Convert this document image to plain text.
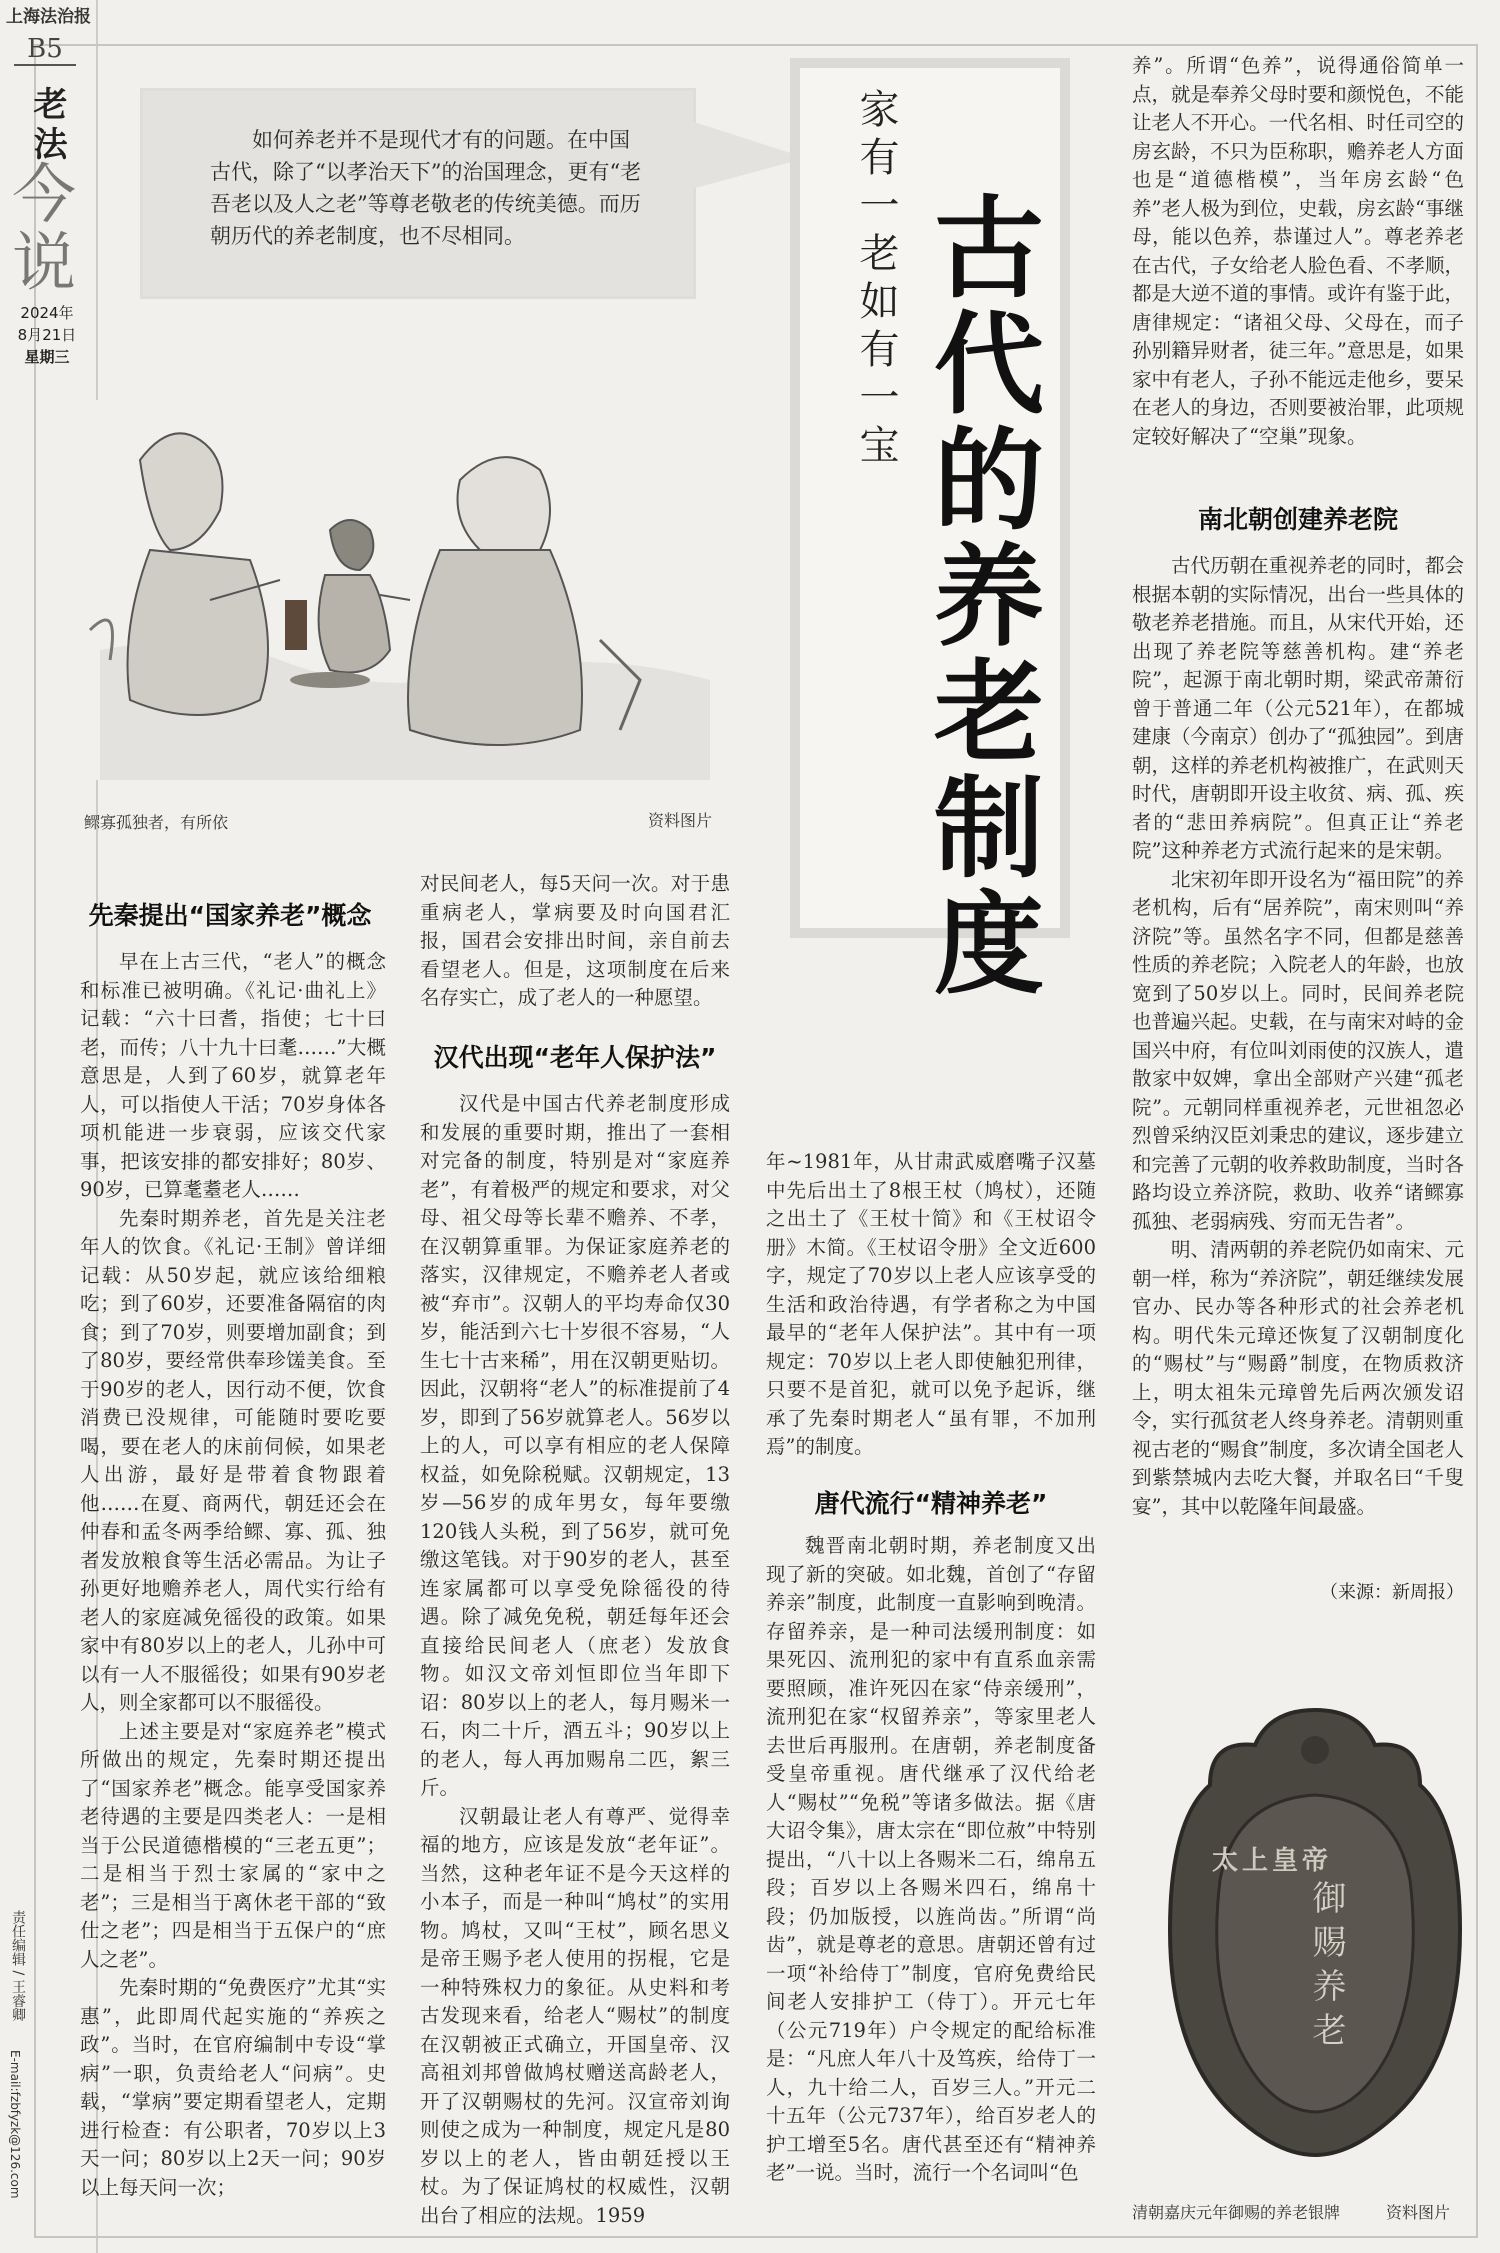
上海法治报
B5
老法
今说
2024年
8月21日
星期三
责任编辑 / 王睿卿
E-mail:fzbfyzk@126.com
如何养老并不是现代才有的问题。在中国古代，除了“以孝治天下”的治国理念，更有“老吾老以及人之老”等尊老敬老的传统美德。而历朝历代的养老制度，也不尽相同。	家有一老如有一宝 古代的养老制度
鳏寡孤独者，有所依	资料图片
先秦提出“国家养老”概念

早在上古三代，“老人”的概念和标准已被明确。《礼记·曲礼上》记载：“六十曰耆，指使；七十曰老，而传；八十九十曰耄……”大概意思是，人到了60岁，就算老年人，可以指使人干活；70岁身体各项机能进一步衰弱，应该交代家事，把该安排的都安排好；80岁、90岁，已算耄耋老人……

先秦时期养老，首先是关注老年人的饮食。《礼记·王制》曾详细记载：从50岁起，就应该给细粮吃；到了60岁，还要准备隔宿的肉食；到了70岁，则要增加副食；到了80岁，要经常供奉珍馐美食。至于90岁的老人，因行动不便，饮食消费已没规律，可能随时要吃要喝，要在老人的床前伺候，如果老人出游，最好是带着食物跟着他……在夏、商两代，朝廷还会在仲春和孟冬两季给鳏、寡、孤、独者发放粮食等生活必需品。为让子孙更好地赡养老人，周代实行给有老人的家庭减免徭役的政策。如果家中有80岁以上的老人，儿孙中可以有一人不服徭役；如果有90岁老人，则全家都可以不服徭役。

上述主要是对“家庭养老”模式所做出的规定，先秦时期还提出了“国家养老”概念。能享受国家养老待遇的主要是四类老人：一是相当于公民道德楷模的“三老五更”；二是相当于烈士家属的“家中之老”；三是相当于离休老干部的“致仕之老”；四是相当于五保户的“庶人之老”。

先秦时期的“免费医疗”尤其“实惠”，此即周代起实施的“养疾之政”。当时，在官府编制中专设“掌病”一职，负责给老人“问病”。史载，“掌病”要定期看望老人，定期进行检查：有公职者，70岁以上3天一问；80岁以上2天一问；90岁以上每天问一次；

对民间老人，每5天问一次。对于患重病老人，掌病要及时向国君汇报，国君会安排出时间，亲自前去看望老人。但是，这项制度在后来名存实亡，成了老人的一种愿望。

汉代出现“老年人保护法”

汉代是中国古代养老制度形成和发展的重要时期，推出了一套相对完备的制度，特别是对“家庭养老”，有着极严的规定和要求，对父母、祖父母等长辈不赡养、不孝，在汉朝算重罪。为保证家庭养老的落实，汉律规定，不赡养老人者或被“弃市”。汉朝人的平均寿命仅30岁，能活到六七十岁很不容易，“人生七十古来稀”，用在汉朝更贴切。因此，汉朝将“老人”的标准提前了4岁，即到了56岁就算老人。56岁以上的人，可以享有相应的老人保障权益，如免除税赋。汉朝规定，13岁—56岁的成年男女，每年要缴120钱人头税，到了56岁，就可免缴这笔钱。对于90岁的老人，甚至连家属都可以享受免除徭役的待遇。除了减免免税，朝廷每年还会直接给民间老人（庶老）发放食物。如汉文帝刘恒即位当年即下诏：80岁以上的老人，每月赐米一石，肉二十斤，酒五斗；90岁以上的老人，每人再加赐帛二匹，絮三斤。

汉朝最让老人有尊严、觉得幸福的地方，应该是发放“老年证”。当然，这种老年证不是今天这样的小本子，而是一种叫“鸠杖”的实用物。鸠杖，又叫“王杖”，顾名思义是帝王赐予老人使用的拐棍，它是一种特殊权力的象征。从史料和考古发现来看，给老人“赐杖”的制度在汉朝被正式确立，开国皇帝、汉高祖刘邦曾做鸠杖赠送高龄老人，开了汉朝赐杖的先河。汉宣帝刘询则使之成为一种制度，规定凡是80岁以上的老人，皆由朝廷授以王杖。为了保证鸠杖的权威性，汉朝出台了相应的法规。1959

年~1981年，从甘肃武威磨嘴子汉墓中先后出土了8根王杖（鸠杖），还随之出土了《王杖十简》和《王杖诏令册》木简。《王杖诏令册》全文近600字，规定了70岁以上老人应该享受的生活和政治待遇，有学者称之为中国最早的“老年人保护法”。其中有一项规定：70岁以上老人即使触犯刑律，只要不是首犯，就可以免予起诉，继承了先秦时期老人“虽有罪，不加刑焉”的制度。

唐代流行“精神养老”

魏晋南北朝时期，养老制度又出现了新的突破。如北魏，首创了“存留养亲”制度，此制度一直影响到晚清。存留养亲，是一种司法缓刑制度：如果死囚、流刑犯的家中有直系血亲需要照顾，准许死囚在家“侍亲缓刑”，流刑犯在家“权留养亲”，等家里老人去世后再服刑。在唐朝，养老制度备受皇帝重视。唐代继承了汉代给老人“赐杖”“免税”等诸多做法。据《唐大诏令集》，唐太宗在“即位赦”中特别提出，“八十以上各赐米二石，绵帛五段；百岁以上各赐米四石，绵帛十段；仍加版授，以旌尚齿。”所谓“尚齿”，就是尊老的意思。唐朝还曾有过一项“补给侍丁”制度，官府免费给民间老人安排护工（侍丁）。开元七年（公元719年）户令规定的配给标准是：“凡庶人年八十及笃疾，给侍丁一人，九十给二人，百岁三人。”开元二十五年（公元737年），给百岁老人的护工增至5名。唐代甚至还有“精神养老”一说。当时，流行一个名词叫“色

养”。所谓“色养”，说得通俗简单一点，就是奉养父母时要和颜悦色，不能让老人不开心。一代名相、时任司空的房玄龄，不只为臣称职，赡养老人方面也是“道德楷模”，当年房玄龄“色养”老人极为到位，史载，房玄龄“事继母，能以色养，恭谨过人”。尊老养老在古代，子女给老人脸色看、不孝顺，都是大逆不道的事情。或许有鉴于此，唐律规定：“诸祖父母、父母在，而子孙别籍异财者，徒三年。”意思是，如果家中有老人，子孙不能远走他乡，要呆在老人的身边，否则要被治罪，此项规定较好解决了“空巢”现象。

南北朝创建养老院

古代历朝在重视养老的同时，都会根据本朝的实际情况，出台一些具体的敬老养老措施。而且，从宋代开始，还出现了养老院等慈善机构。建“养老院”，起源于南北朝时期，梁武帝萧衍曾于普通二年（公元521年），在都城建康（今南京）创办了“孤独园”。到唐朝，这样的养老机构被推广，在武则天时代，唐朝即开设主收贫、病、孤、疾者的“悲田养病院”。但真正让“养老院”这种养老方式流行起来的是宋朝。

北宋初年即开设名为“福田院”的养老机构，后有“居养院”，南宋则叫“养济院”等。虽然名字不同，但都是慈善性质的养老院；入院老人的年龄，也放宽到了50岁以上。同时，民间养老院也普遍兴起。史载，在与南宋对峙的金国兴中府，有位叫刘雨使的汉族人，遣散家中奴婢，拿出全部财产兴建“孤老院”。元朝同样重视养老，元世祖忽必烈曾采纳汉臣刘秉忠的建议，逐步建立和完善了元朝的收养救助制度，当时各路均设立养济院，救助、收养“诸鳏寡孤独、老弱病残、穷而无告者”。

明、清两朝的养老院仍如南宋、元朝一样，称为“养济院”，朝廷继续发展官办、民办等各种形式的社会养老机构。明代朱元璋还恢复了汉朝制度化的“赐杖”与“赐爵”制度，在物质救济上，明太祖朱元璋曾先后两次颁发诏令，实行孤贫老人终身养老。清朝则重视古老的“赐食”制度，多次请全国老人到紫禁城内去吃大餐，并取名曰“千叟宴”，其中以乾隆年间最盛。

（来源：新周报）
太上皇帝
御赐养老
清朝嘉庆元年御赐的养老银牌	资料图片
